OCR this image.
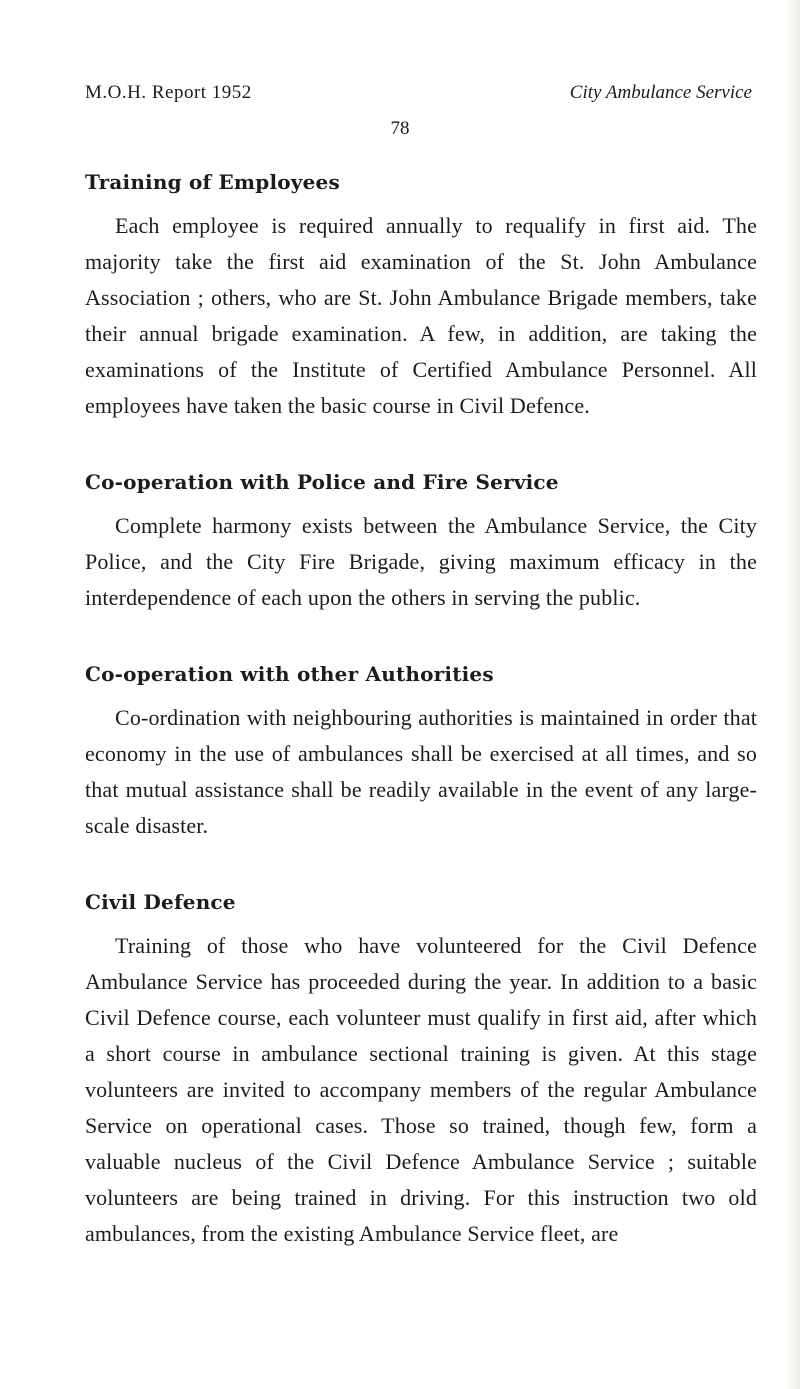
M.O.H. Report 1952	City Ambulance Service
78
Training of Employees

Each employee is required annually to requalify in first aid. The majority take the first aid examination of the St. John Ambulance Association ; others, who are St. John Ambulance Brigade members, take their annual brigade examination. A few, in addition, are taking the examinations of the Institute of Certified Ambulance Personnel. All employees have taken the basic course in Civil Defence.

Co-operation with Police and Fire Service

Complete harmony exists between the Ambulance Service, the City Police, and the City Fire Brigade, giving maximum efficacy in the interdependence of each upon the others in serving the public.

Co-operation with other Authorities

Co-ordination with neighbouring authorities is maintained in order that economy in the use of ambulances shall be exercised at all times, and so that mutual assistance shall be readily available in the event of any large-scale disaster.

Civil Defence

Training of those who have volunteered for the Civil Defence Ambulance Service has proceeded during the year. In addition to a basic Civil Defence course, each volunteer must qualify in first aid, after which a short course in ambulance sectional training is given. At this stage volunteers are invited to accompany members of the regular Ambulance Service on operational cases. Those so trained, though few, form a valuable nucleus of the Civil Defence Ambulance Service ; suitable volunteers are being trained in driving. For this instruction two old ambulances, from the existing Ambulance Service fleet, are
